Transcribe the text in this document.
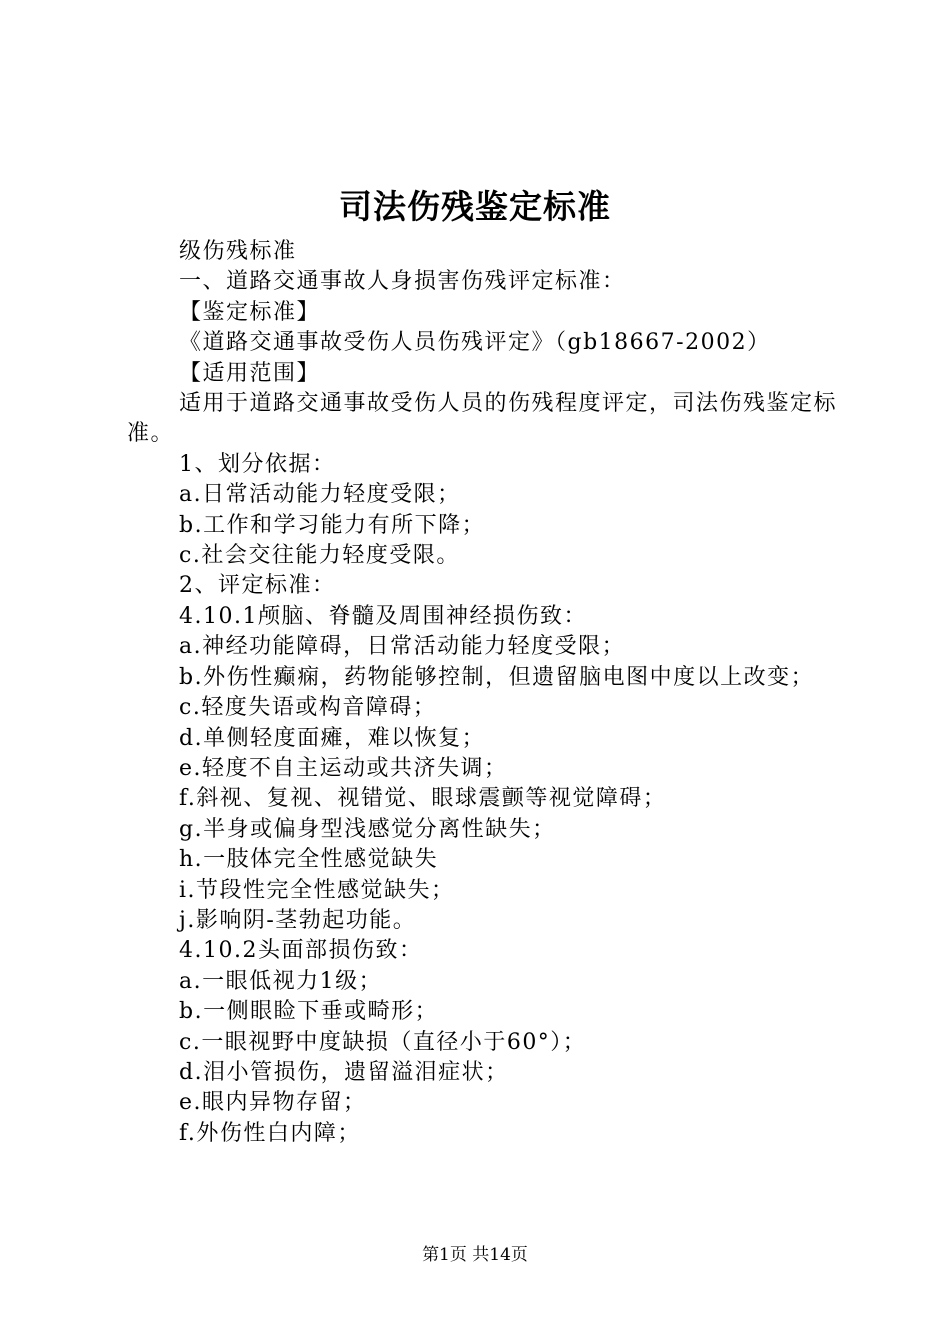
司法伤残鉴定标准

级伤残标准

一、道路交通事故人身损害伤残评定标准：

【鉴定标准】

《道路交通事故受伤人员伤残评定》（gb18667-2002）

【适用范围】

适用于道路交通事故受伤人员的伤残程度评定，司法伤残鉴定标准。

1、划分依据：

a.日常活动能力轻度受限；

b.工作和学习能力有所下降；

c.社会交往能力轻度受限。

2、评定标准：

4.10.1颅脑、脊髓及周围神经损伤致：

a.神经功能障碍，日常活动能力轻度受限；

b.外伤性癫痫，药物能够控制，但遗留脑电图中度以上改变；

c.轻度失语或构音障碍；

d.单侧轻度面瘫，难以恢复；

e.轻度不自主运动或共济失调；

f.斜视、复视、视错觉、眼球震颤等视觉障碍；

g.半身或偏身型浅感觉分离性缺失；

h.一肢体完全性感觉缺失

i.节段性完全性感觉缺失；

j.影响阴-茎勃起功能。

4.10.2头面部损伤致：

a.一眼低视力1级；

b.一侧眼睑下垂或畸形；

c.一眼视野中度缺损（直径小于60°）；

d.泪小管损伤，遗留溢泪症状；

e.眼内异物存留；

f.外伤性白内障；

第1页 共14页
